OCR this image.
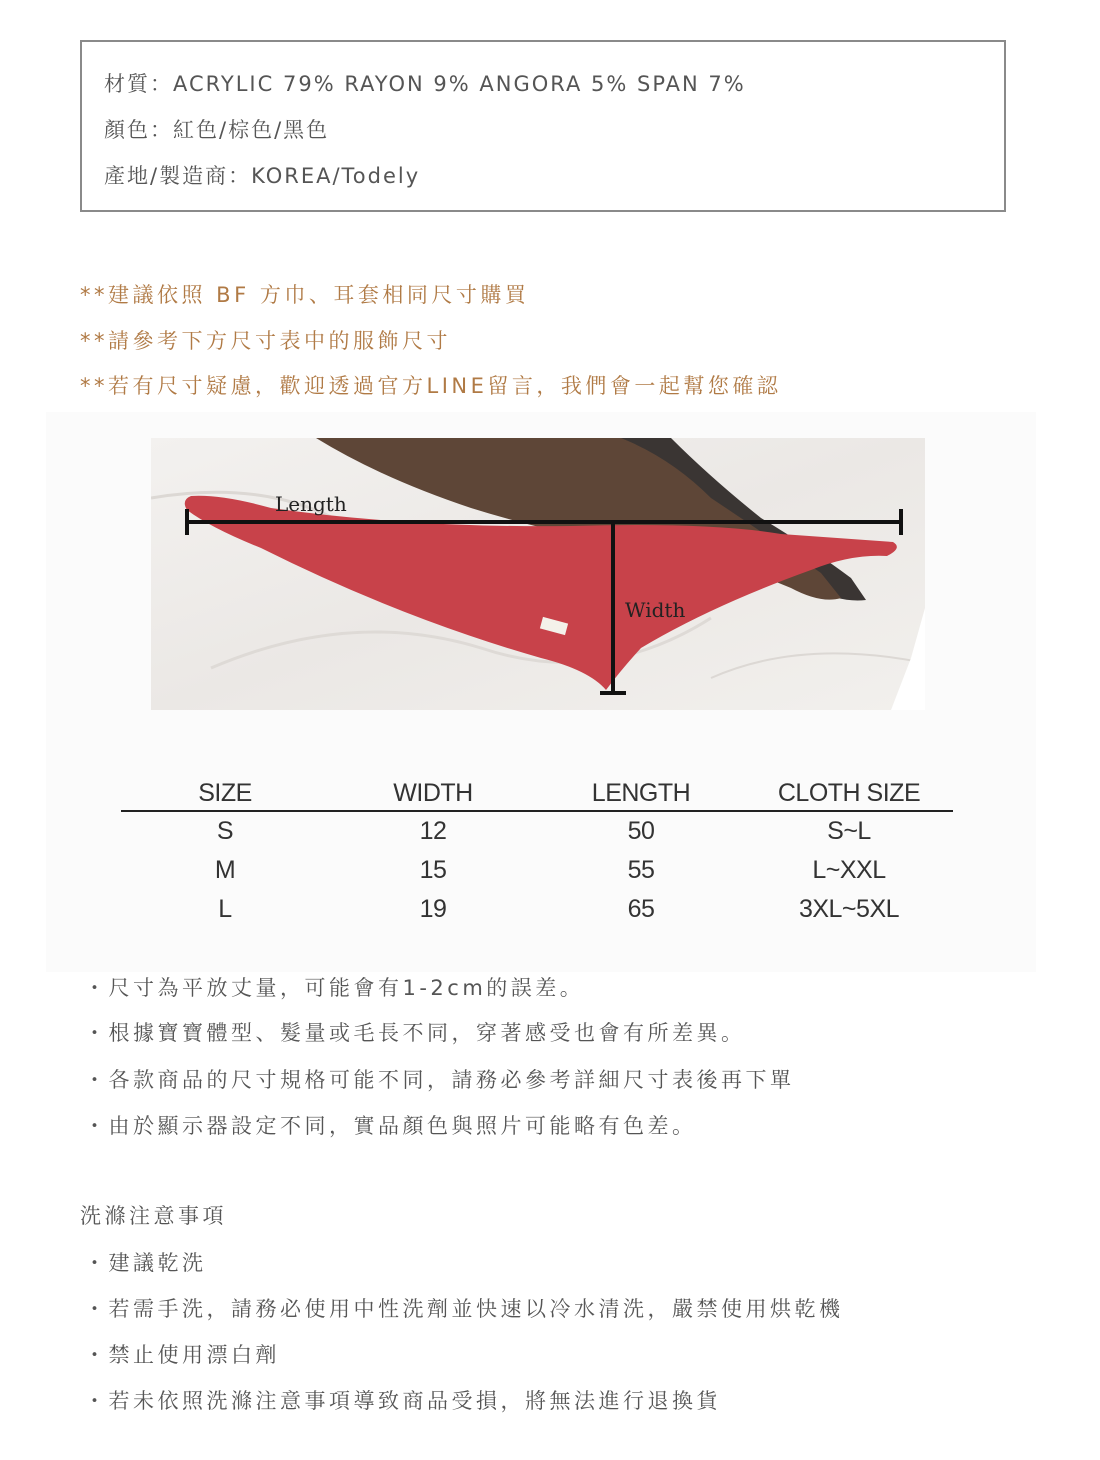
材質：ACRYLIC 79% RAYON 9% ANGORA 5% SPAN 7%
顏色：紅色/棕色/黑色
產地/製造商：KOREA/Todely
**建議依照 BF 方巾、耳套相同尺寸購買
**請參考下方尺寸表中的服飾尺寸
**若有尺寸疑慮，歡迎透過官方LINE留言，我們會一起幫您確認
Length
Width
SIZE	WIDTH	LENGTH	CLOTH SIZE
S	12	50	S~L
M	15	55	L~XXL
L	19	65	3XL~5XL
・尺寸為平放丈量，可能會有1-2cm的誤差。
・根據寶寶體型、髮量或毛長不同，穿著感受也會有所差異。
・各款商品的尺寸規格可能不同，請務必參考詳細尺寸表後再下單
・由於顯示器設定不同，實品顏色與照片可能略有色差。
洗滌注意事項
・建議乾洗
・若需手洗，請務必使用中性洗劑並快速以冷水清洗，嚴禁使用烘乾機
・禁止使用漂白劑
・若未依照洗滌注意事項導致商品受損，將無法進行退換貨
